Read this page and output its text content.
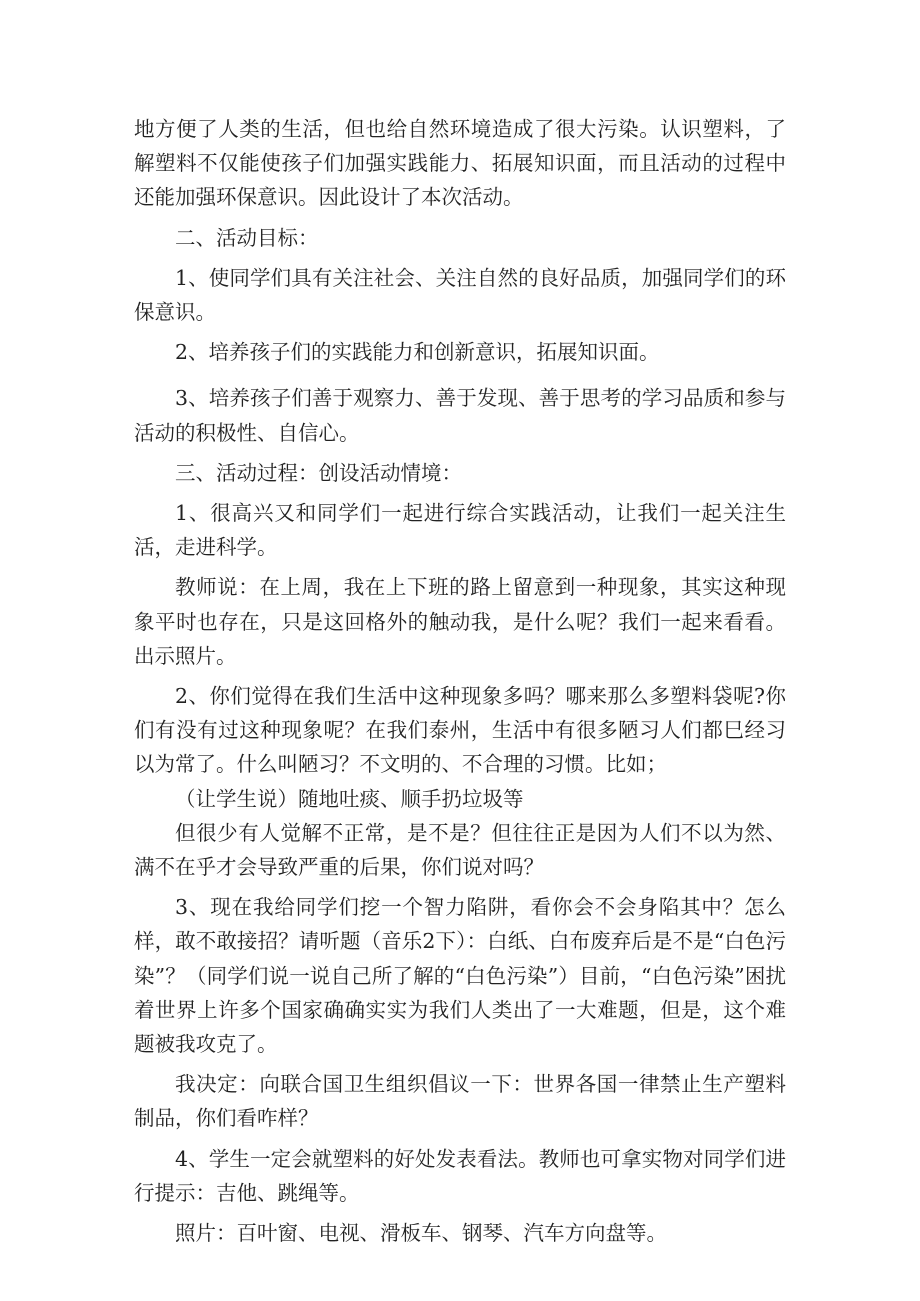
地方便了人类的生活，但也给自然环境造成了很大污染。认识塑料，了解塑料不仅能使孩子们加强实践能力、拓展知识面，而且活动的过程中还能加强环保意识。因此设计了本次活动。

二、活动目标：

1、使同学们具有关注社会、关注自然的良好品质，加强同学们的环保意识。

2、培养孩子们的实践能力和创新意识，拓展知识面。

3、培养孩子们善于观察力、善于发现、善于思考的学习品质和参与活动的积极性、自信心。

三、活动过程：创设活动情境：

1、很高兴又和同学们一起进行综合实践活动，让我们一起关注生活，走进科学。

教师说：在上周，我在上下班的路上留意到一种现象，其实这种现象平时也存在，只是这回格外的触动我，是什么呢？我们一起来看看。出示照片。

2、你们觉得在我们生活中这种现象多吗？哪来那么多塑料袋呢?你们有没有过这种现象呢？在我们泰州，生活中有很多陋习人们都巳经习以为常了。什么叫陋习？不文明的、不合理的习惯。比如；

（让学生说）随地吐痰、顺手扔垃圾等

但很少有人觉解不正常，是不是？但往往正是因为人们不以为然、满不在乎才会导致严重的后果，你们说对吗？

3、现在我给同学们挖一个智力陷阱，看你会不会身陷其中？怎么样，敢不敢接招？请听题（音乐2下）：白纸、白布废弃后是不是“白色污染”？（同学们说一说自己所了解的“白色污染”）目前，“白色污染”困扰着世界上许多个国家确确实实为我们人类出了一大难题，但是，这个难题被我攻克了。

我决定：向联合国卫生组织倡议一下：世界各国一律禁止生产塑料制品，你们看咋样？

4、学生一定会就塑料的好处发表看法。教师也可拿实物对同学们进行提示：吉他、跳绳等。

照片：百叶窗、电视、滑板车、钢琴、汽车方向盘等。
